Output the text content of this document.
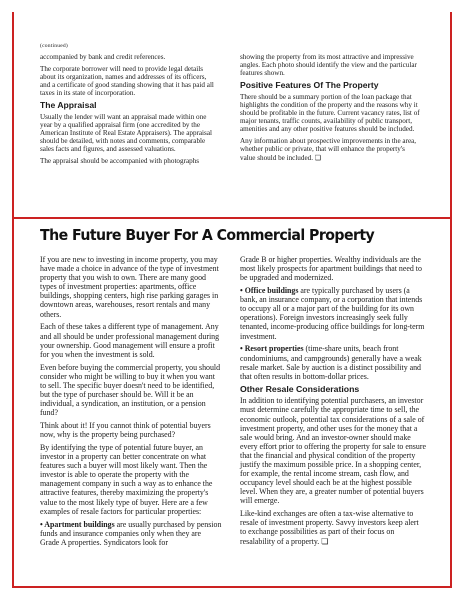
(continued)

accompanied by bank and credit references.

The corporate borrower will need to provide legal details about its organization, names and addresses of its officers, and a certificate of good standing showing that it has paid all taxes in its state of incorporation.

The Appraisal

Usually the lender will want an appraisal made within one year by a qualified appraisal firm (one accredited by the American Institute of Real Estate Appraisers). The appraisal should be detailed, with notes and comments, comparable sales facts and figures, and assessed valuations.

The appraisal should be accompanied with photographs

showing the property from its most attractive and impressive angles. Each photo should identify the view and the particular features shown.

Positive Features Of The Property

There should be a summary portion of the loan package that highlights the condition of the property and the reasons why it should be profitable in the future. Current vacancy rates, list of major tenants, traffic counts, availability of public transport, amenities and any other positive features should be included.

Any information about prospective improvements in the area, whether public or private, that will enhance the property's value should be included. ❏

The Future Buyer For A Commercial Property

If you are new to investing in income property, you may have made a choice in advance of the type of investment property that you wish to own. There are many good types of investment properties: apartments, office buildings, shopping centers, high rise parking garages in downtown areas, warehouses, resort rentals and many others.

Each of these takes a different type of management. Any and all should be under professional management during your ownership. Good management will ensure a profit for you when the investment is sold.

Even before buying the commercial property, you should consider who might be willing to buy it when you want to sell. The specific buyer doesn't need to be identified, but the type of purchaser should be. Will it be an individual, a syndication, an institution, or a pension fund?

Think about it! If you cannot think of potential buyers now, why is the property being purchased?

By identifying the type of potential future buyer, an investor in a property can better concentrate on what features such a buyer will most likely want. Then the investor is able to operate the property with the management company in such a way as to enhance the attractive features, thereby maximizing the property's value to the most likely type of buyer. Here are a few examples of resale factors for particular properties:

• Apartment buildings are usually purchased by pension funds and insurance companies only when they are Grade A properties. Syndicators look for

Grade B or higher properties. Wealthy individuals are the most likely prospects for apartment buildings that need to be upgraded and modernized.

• Office buildings are typically purchased by users (a bank, an insurance company, or a corporation that intends to occupy all or a major part of the building for its own operations). Foreign investors increasingly seek fully tenanted, income-producing office buildings for long-term investment.

• Resort properties (time-share units, beach front condominiums, and campgrounds) generally have a weak resale market. Sale by auction is a distinct possibility and that often results in bottom-dollar prices.

Other Resale Considerations

In addition to identifying potential purchasers, an investor must determine carefully the appropriate time to sell, the economic outlook, potential tax considerations of a sale of investment property, and other uses for the money that a sale would bring. And an investor-owner should make every effort prior to offering the property for sale to ensure that the financial and physical condition of the property justify the maximum possible price. In a shopping center, for example, the rental income stream, cash flow, and occupancy level should each be at the highest possible level. When they are, a greater number of potential buyers will emerge.

Like-kind exchanges are often a tax-wise alternative to resale of investment property. Savvy investors keep alert to exchange possibilities as part of their focus on resalability of a property. ❏
